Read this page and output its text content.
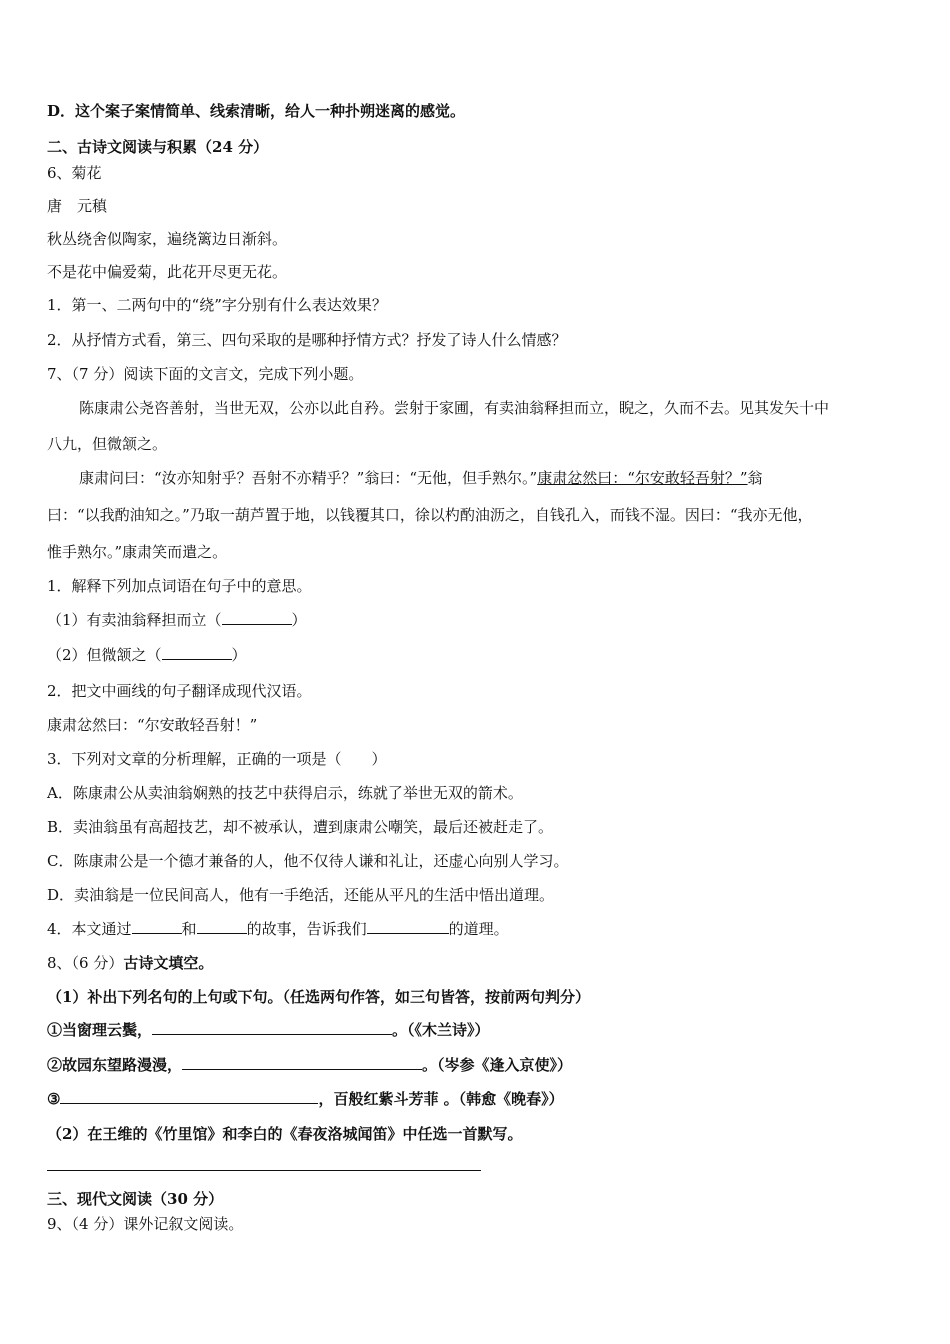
D．这个案子案情简单、线索清晰，给人一种扑朔迷离的感觉。
二、古诗文阅读与积累（24 分）
6、菊花
唐　元稹
秋丛绕舍似陶家，遍绕篱边日渐斜。
不是花中偏爱菊，此花开尽更无花。
1．第一、二两句中的“绕”字分别有什么表达效果？
2．从抒情方式看，第三、四句采取的是哪种抒情方式？抒发了诗人什么情感？
7、（7 分）阅读下面的文言文，完成下列小题。
陈康肃公尧咨善射，当世无双，公亦以此自矜。尝射于家圃，有卖油翁释担而立，睨之，久而不去。见其发矢十中
八九，但微颔之。
康肃问曰：“汝亦知射乎？吾射不亦精乎？”翁曰：“无他，但手熟尔。”康肃忿然曰：“尔安敢轻吾射？”翁
曰：“以我酌油知之。”乃取一葫芦置于地，以钱覆其口，徐以杓酌油沥之，自钱孔入，而钱不湿。因曰：“我亦无他，
惟手熟尔。”康肃笑而遣之。
1．解释下列加点词语在句子中的意思。
（1）有卖油翁释担而立（	）
（2）但微颔之（	）
2．把文中画线的句子翻译成现代汉语。
康肃忿然曰：“尔安敢轻吾射！”
3．下列对文章的分析理解，正确的一项是（　　）
A．陈康肃公从卖油翁娴熟的技艺中获得启示，练就了举世无双的箭术。
B．卖油翁虽有高超技艺，却不被承认，遭到康肃公嘲笑，最后还被赶走了。
C．陈康肃公是一个德才兼备的人，他不仅待人谦和礼让，还虚心向别人学习。
D．卖油翁是一位民间高人，他有一手绝活，还能从平凡的生活中悟出道理。
4．本文通过	和	的故事，告诉我们	的道理。
8、（6 分）古诗文填空。
（1）补出下列名句的上句或下句。（任选两句作答，如三句皆答，按前两句判分）
①当窗理云鬓，	。（《木兰诗》）
②故园东望路漫漫，	。（岑参《逢入京使》）
③	，百般红紫斗芳菲 。（韩愈《晚春》）
（2）在王维的《竹里馆》和李白的《春夜洛城闻笛》中任选一首默写。
三、现代文阅读（30 分）
9、（4 分）课外记叙文阅读。
